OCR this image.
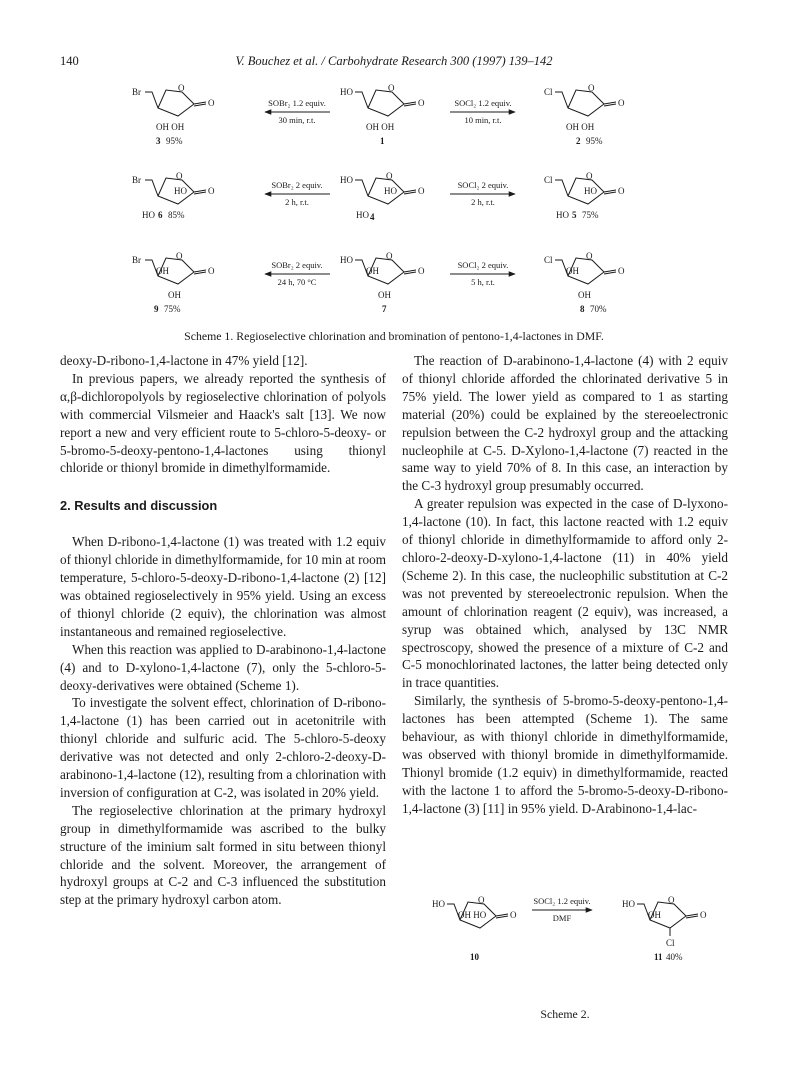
140	V. Bouchez et al. / Carbohydrate Research 300 (1997) 139–142
Br	O
O
OH OH
3 95%
SOBr₂ 1.2 equiv.
30 min, r.t.
HO	O
O
OH OH
1
SOCl₂ 1.2 equiv.
10 min, r.t.
Cl	O
O
OH OH
2 95%
Br	O
HO O
HO 6 85%
SOBr₂ 2 equiv.
2 h, r.t.
HO	O
HO O
HO 4
SOCl₂ 2 equiv.
2 h, r.t.
Cl	O
HO O
HO 5 75%
Br	O
OH	O
OH
9 75%
SOBr₂ 2 equiv.
24 h, 70 °C
HO	O
OH	O
OH
7
SOCl₂ 2 equiv.
5 h, r.t.
Cl	O
OH	O
OH
8 70%
Scheme 1. Regioselective chlorination and bromination of pentono-1,4-lactones in DMF.

deoxy-D-ribono-1,4-lactone in 47% yield [12].

In previous papers, we already reported the synthesis of α,β-dichloropolyols by regioselective chlorination of polyols with commercial Vilsmeier and Haack's salt [13]. We now report a new and very efficient route to 5-chloro-5-deoxy- or 5-bromo-5-deoxy-pentono-1,4-lactones using thionyl chloride or thionyl bromide in dimethylformamide.

2. Results and discussion

When D-ribono-1,4-lactone (1) was treated with 1.2 equiv of thionyl chloride in dimethylformamide, for 10 min at room temperature, 5-chloro-5-deoxy-D-ribono-1,4-lactone (2) [12] was obtained regioselectively in 95% yield. Using an excess of thionyl chloride (2 equiv), the chlorination was almost instantaneous and remained regioselective.

When this reaction was applied to D-arabinono-1,4-lactone (4) and to D-xylono-1,4-lactone (7), only the 5-chloro-5-deoxy-derivatives were obtained (Scheme 1).

To investigate the solvent effect, chlorination of D-ribono-1,4-lactone (1) has been carried out in acetonitrile with thionyl chloride and sulfuric acid. The 5-chloro-5-deoxy derivative was not detected and only 2-chloro-2-deoxy-D-arabinono-1,4-lactone (12), resulting from a chlorination with inversion of configuration at C-2, was isolated in 20% yield.

The regioselective chlorination at the primary hydroxyl group in dimethylformamide was ascribed to the bulky structure of the iminium salt formed in situ between thionyl chloride and the solvent. Moreover, the arrangement of hydroxyl groups at C-2 and C-3 influenced the substitution step at the primary hydroxyl carbon atom.

The reaction of D-arabinono-1,4-lactone (4) with 2 equiv of thionyl chloride afforded the chlorinated derivative 5 in 75% yield. The lower yield as compared to 1 as starting material (20%) could be explained by the stereoelectronic repulsion between the C-2 hydroxyl group and the attacking nucleophile at C-5. D-Xylono-1,4-lactone (7) reacted in the same way to yield 70% of 8. In this case, an interaction by the C-3 hydroxyl group presumably occurred.

A greater repulsion was expected in the case of D-lyxono-1,4-lactone (10). In fact, this lactone reacted with 1.2 equiv of thionyl chloride in dimethylformamide to afford only 2-chloro-2-deoxy-D-xylono-1,4-lactone (11) in 40% yield (Scheme 2). In this case, the nucleophilic substitution at C-2 was not prevented by stereoelectronic repulsion. When the amount of chlorination reagent (2 equiv), was increased, a syrup was obtained which, analysed by 13C NMR spectroscopy, showed the presence of a mixture of C-2 and C-5 monochlorinated lactones, the latter being detected only in trace quantities.

Similarly, the synthesis of 5-bromo-5-deoxy-pentono-1,4-lactones has been attempted (Scheme 1). The same behaviour, as with thionyl chloride in dimethylformamide, was observed with thionyl bromide in dimethylformamide. Thionyl bromide (1.2 equiv) in dimethylformamide, reacted with the lactone 1 to afford the 5-bromo-5-deoxy-D-ribono-1,4-lactone (3) [11] in 95% yield. D-Arabinono-1,4-lac-

HO	O
OH HO	O
10
SOCl₂ 1.2 equiv.
DMF
HO	O
OH	O
Cl
11 40%
Scheme 2.
